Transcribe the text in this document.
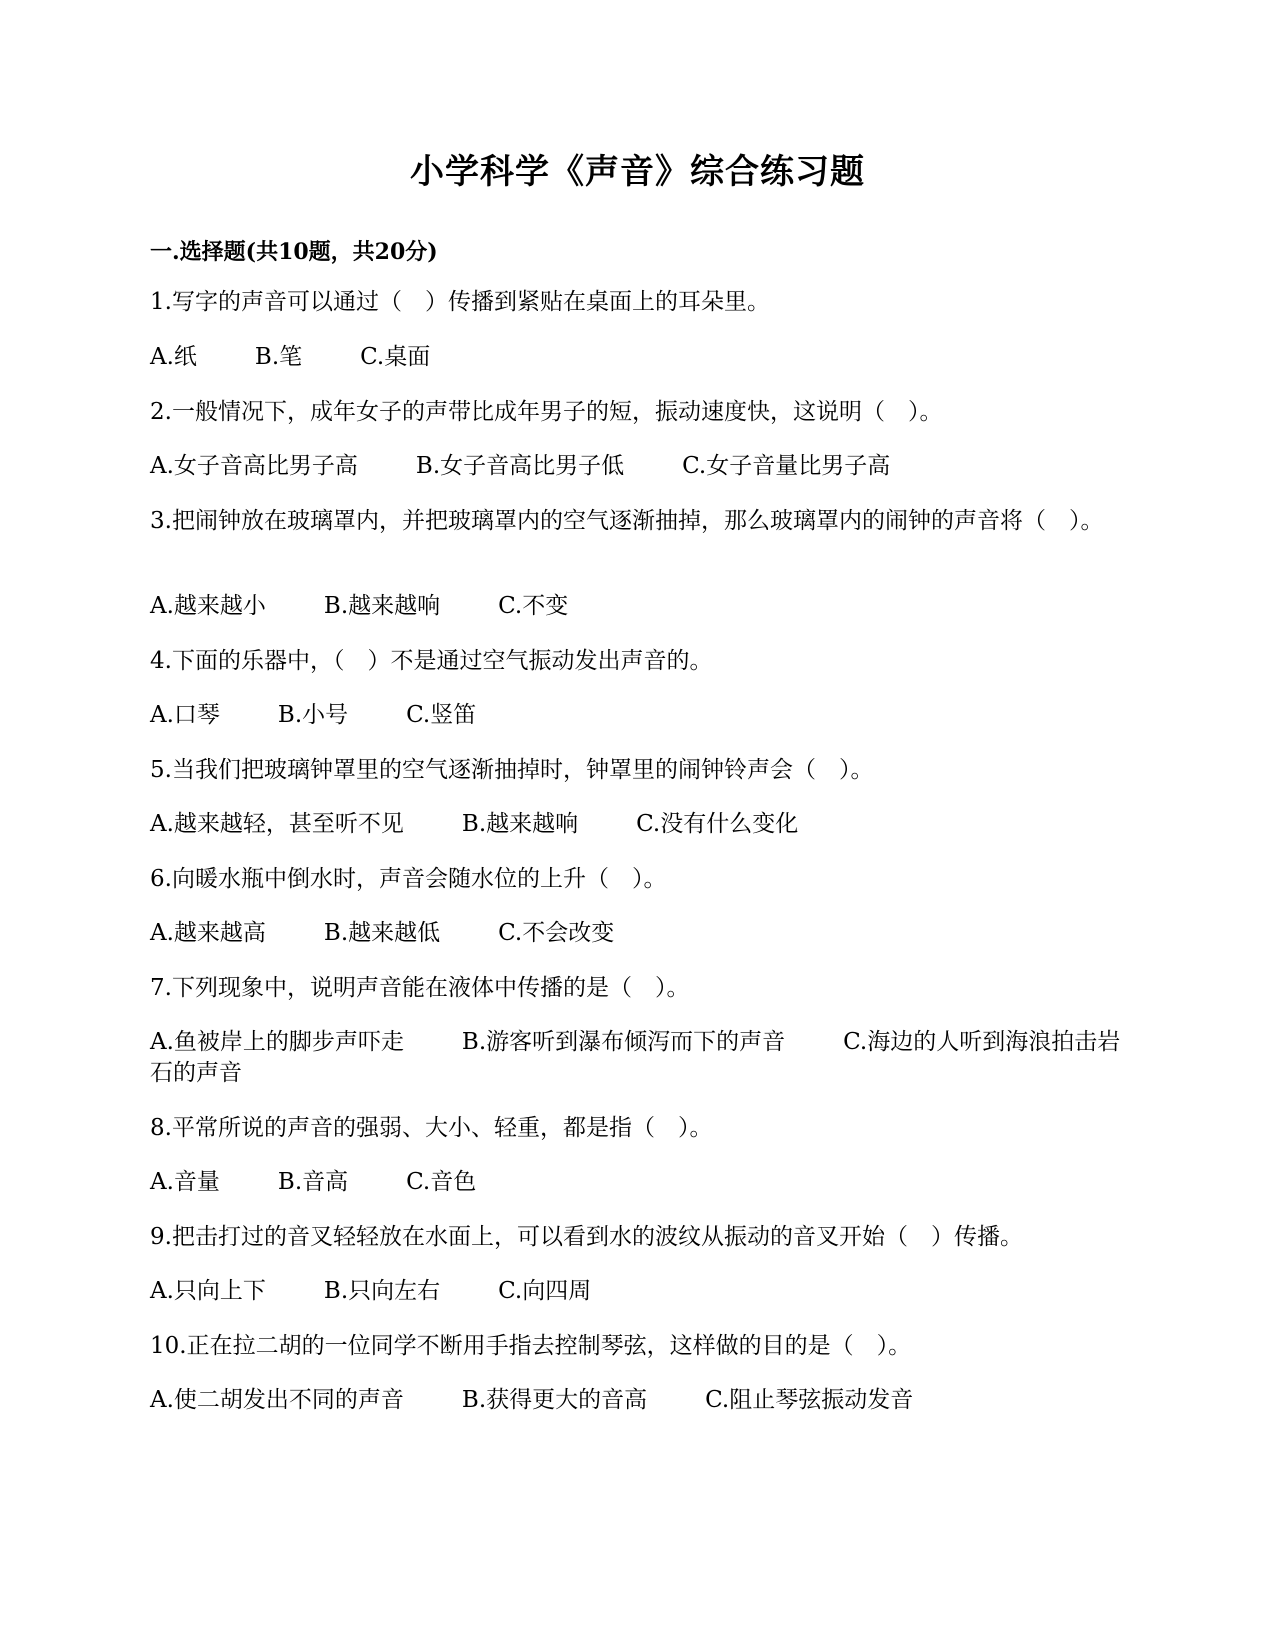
小学科学《声音》综合练习题
一.选择题(共10题，共20分)
1.写字的声音可以通过（　）传播到紧贴在桌面上的耳朵里。
A.纸	B.笔	C.桌面
2.一般情况下，成年女子的声带比成年男子的短，振动速度快，这说明（　）。
A.女子音高比男子高	B.女子音高比男子低	C.女子音量比男子高
3.把闹钟放在玻璃罩内，并把玻璃罩内的空气逐渐抽掉，那么玻璃罩内的闹钟的声音将（　）。
A.越来越小	B.越来越响	C.不变
4.下面的乐器中，（　）不是通过空气振动发出声音的。
A.口琴	B.小号	C.竖笛
5.当我们把玻璃钟罩里的空气逐渐抽掉时，钟罩里的闹钟铃声会（　）。
A.越来越轻，甚至听不见	B.越来越响	C.没有什么变化
6.向暖水瓶中倒水时，声音会随水位的上升（　）。
A.越来越高	B.越来越低	C.不会改变
7.下列现象中，说明声音能在液体中传播的是（　）。
A.鱼被岸上的脚步声吓走	B.游客听到瀑布倾泻而下的声音	C.海边的人听到海浪拍击岩石的声音
8.平常所说的声音的强弱、大小、轻重，都是指（　）。
A.音量	B.音高	C.音色
9.把击打过的音叉轻轻放在水面上，可以看到水的波纹从振动的音叉开始（　）传播。
A.只向上下	B.只向左右	C.向四周
10.正在拉二胡的一位同学不断用手指去控制琴弦，这样做的目的是（　）。
A.使二胡发出不同的声音	B.获得更大的音高	C.阻止琴弦振动发音
